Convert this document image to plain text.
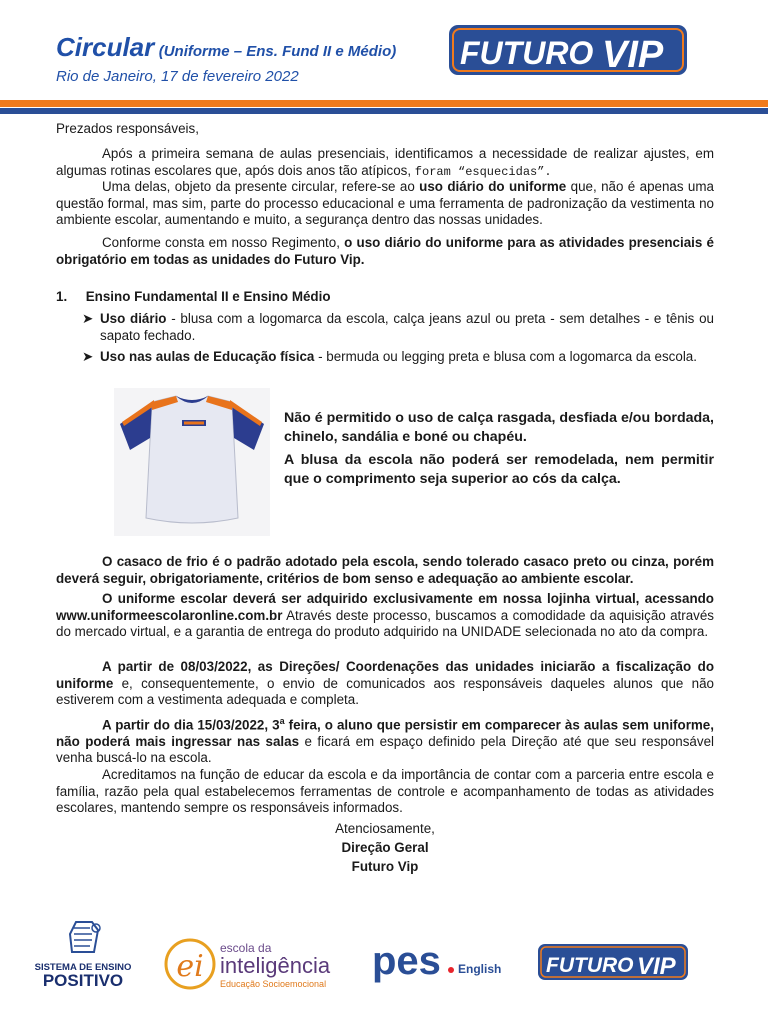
Circular (Uniforme – Ens. Fund II e Médio)
Rio de Janeiro, 17 de fevereiro 2022
FUTURO VIP
Prezados responsáveis,
Após a primeira semana de aulas presenciais, identificamos a necessidade de realizar ajustes, em algumas rotinas escolares que, após dois anos tão atípicos, foram “esquecidas”.
Uma delas, objeto da presente circular, refere-se ao uso diário do uniforme que, não é apenas uma questão formal, mas sim, parte do processo educacional e uma ferramenta de padronização da vestimenta no ambiente escolar, aumentando e muito, a segurança dentro das nossas unidades.
Conforme consta em nosso Regimento, o uso diário do uniforme para as atividades presenciais é obrigatório em todas as unidades do Futuro Vip.
1. Ensino Fundamental II e Ensino Médio
➤ Uso diário - blusa com a logomarca da escola, calça jeans azul ou preta - sem detalhes - e tênis ou sapato fechado.
➤ Uso nas aulas de Educação física - bermuda ou legging preta e blusa com a logomarca da escola.
Não é permitido o uso de calça rasgada, desfiada e/ou bordada, chinelo, sandália e boné ou chapéu.
A blusa da escola não poderá ser remodelada, nem permitir que o comprimento seja superior ao cós da calça.
O casaco de frio é o padrão adotado pela escola, sendo tolerado casaco preto ou cinza, porém deverá seguir, obrigatoriamente, critérios de bom senso e adequação ao ambiente escolar.
O uniforme escolar deverá ser adquirido exclusivamente em nossa lojinha virtual, acessando www.uniformeescolaronline.com.br Através deste processo, buscamos a comodidade da aquisição através do mercado virtual, e a garantia de entrega do produto adquirido na UNIDADE selecionada no ato da compra.
A partir de 08/03/2022, as Direções/ Coordenações das unidades iniciarão a fiscalização do uniforme e, consequentemente, o envio de comunicados aos responsáveis daqueles alunos que não estiverem com a vestimenta adequada e completa.
A partir do dia 15/03/2022, 3$^a$ feira, o aluno que persistir em comparecer às aulas sem uniforme, não poderá mais ingressar nas salas e ficará em espaço definido pela Direção até que seu responsável venha buscá-lo na escola.
Acreditamos na função de educar da escola e da importância de contar com a parceria entre escola e família, razão pela qual estabelecemos ferramentas de controle e acompanhamento de todas as atividades escolares, mantendo sempre os responsáveis informados.
Atenciosamente,
Direção Geral
Futuro Vip
SISTEMA DE ENSINO
POSITIVO ei
escola da
inteligência
Educação Socioemocional
pes English FUTURO VIP
